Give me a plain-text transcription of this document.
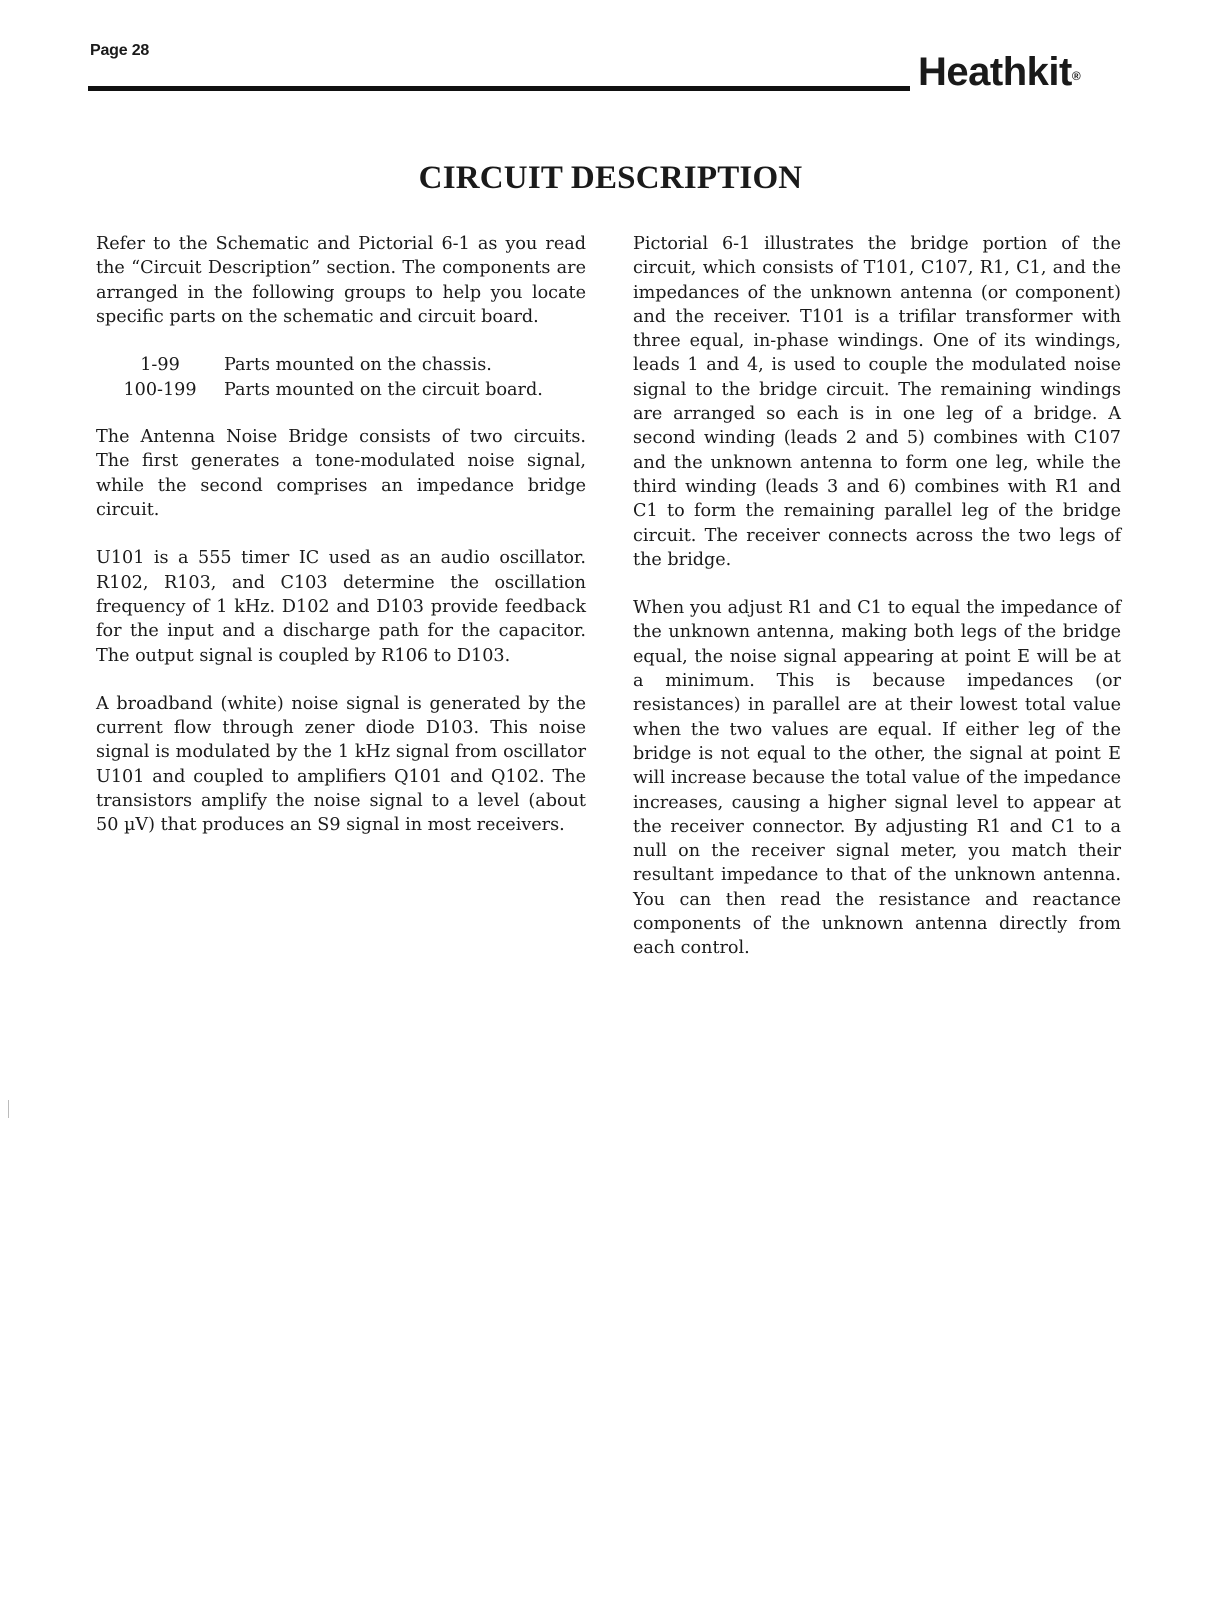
Page 28	Heathkit®
CIRCUIT DESCRIPTION

Refer to the Schematic and Pictorial 6-1 as you read the “Circuit Description” section. The components are arranged in the following groups to help you locate specific parts on the schematic and circuit board.

1-99	Parts mounted on the chassis.
100-199	Parts mounted on the circuit board.

The Antenna Noise Bridge consists of two circuits. The first generates a tone-modulated noise signal, while the second comprises an impedance bridge circuit.

U101 is a 555 timer IC used as an audio oscillator. R102, R103, and C103 determine the oscillation frequency of 1 kHz. D102 and D103 provide feedback for the input and a discharge path for the capacitor. The output signal is coupled by R106 to D103.

A broadband (white) noise signal is generated by the current flow through zener diode D103. This noise signal is modulated by the 1 kHz signal from oscillator U101 and coupled to amplifiers Q101 and Q102. The transistors amplify the noise signal to a level (about 50 µV) that produces an S9 signal in most receivers.

Pictorial 6-1 illustrates the bridge portion of the circuit, which consists of T101, C107, R1, C1, and the impedances of the unknown antenna (or component) and the receiver. T101 is a trifilar transformer with three equal, in-phase windings. One of its windings, leads 1 and 4, is used to couple the modulated noise signal to the bridge circuit. The remaining windings are arranged so each is in one leg of a bridge. A second winding (leads 2 and 5) combines with C107 and the unknown antenna to form one leg, while the third winding (leads 3 and 6) combines with R1 and C1 to form the remaining parallel leg of the bridge circuit. The receiver connects across the two legs of the bridge.

When you adjust R1 and C1 to equal the impedance of the unknown antenna, making both legs of the bridge equal, the noise signal appearing at point E will be at a minimum. This is because impedances (or resistances) in parallel are at their lowest total value when the two values are equal. If either leg of the bridge is not equal to the other, the signal at point E will increase because the total value of the impedance increases, causing a higher signal level to appear at the receiver connector. By adjusting R1 and C1 to a null on the receiver signal meter, you match their resultant impedance to that of the unknown antenna. You can then read the resistance and reactance components of the unknown antenna directly from each control.
